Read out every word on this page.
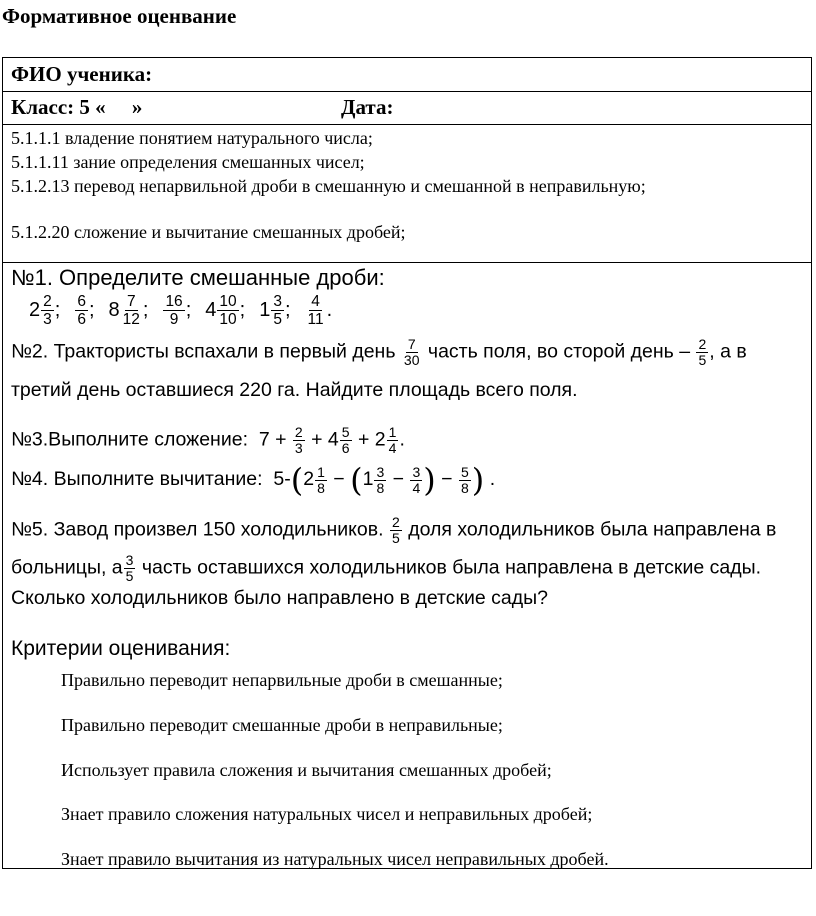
Формативное оценвание
ФИО ученика:
Класс: 5 «     »	Дата:
5.1.1.1 владение понятием натурального числа;
5.1.1.11 зание определения смешанных чисел;
5.1.2.13 перевод непарвильной дроби в смешанную и смешанной в неправильную;
5.1.2.20 сложение и вычитание смешанных дробей;
№1. Определите смешанные дроби:
$2 \frac{2}{3}$ ; $\frac{6}{6}$ ; $8 \frac{7}{12}$ ; $\frac{16}{9}$ ; $4 \frac{10}{10}$ ; $1 \frac{3}{5}$ ; $\frac{4}{11}$ .
№2. Трактористы вспахали в первый день $\frac{7}{30}$ часть поля, во сторой день – $\frac{2}{5}$ , а в
третий день оставшиеся 220 га. Найдите площадь всего поля.
№3.Выполните сложение: $7 + \frac{2}{3} + 4 \frac{5}{6} + 2 \frac{1}{4}$ .
№4. Выполните вычитание: $5-(2 \frac{1}{8} - (1 \frac{3}{8} - \frac{3}{4}$ ) − $\frac{5}{8}$ ) .
№5. Завод произвел 150 холодильников. $\frac{2}{5}$ доля холодильников была направлена в
больницы, а $\frac{3}{5}$ часть оставшихся холодильников была направлена в детские сады.
Сколько холодильников было направлено в детские сады?
Критерии оценивания:
Правильно переводит непарвильные дроби в смешанные;
Правильно переводит смешанные дроби в неправильные;
Использует правила сложения и вычитания смешанных дробей;
Знает правило сложения натуральных чисел и неправильных дробей;
Знает правило вычитания из натуральных чисел неправильных дробей.
